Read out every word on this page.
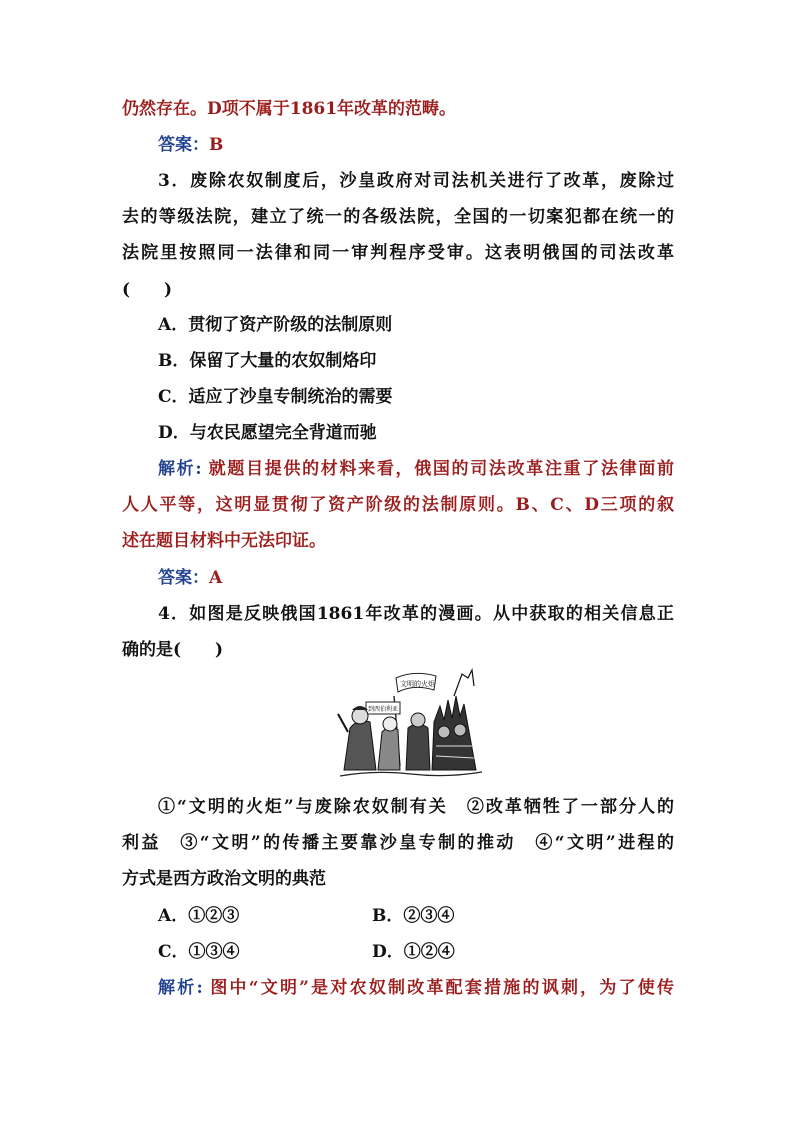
仍然存在。D项不属于1861年改革的范畴。
答案：B
3．废除农奴制度后，沙皇政府对司法机关进行了改革，废除过
去的等级法院，建立了统一的各级法院，全国的一切案犯都在统一的
法院里按照同一法律和同一审判程序受审。这表明俄国的司法改革
(　　)
A．贯彻了资产阶级的法制原则
B．保留了大量的农奴制烙印
C．适应了沙皇专制统治的需要
D．与农民愿望完全背道而驰
解析: 就题目提供的材料来看，俄国的司法改革注重了法律面前
人人平等，这明显贯彻了资产阶级的法制原则。B、C、D三项的叙
述在题目材料中无法印证。
答案：A
4．如图是反映俄国1861年改革的漫画。从中获取的相关信息正
确的是(　　)
文明的火炬
到西伯利亚
①“文明的火炬”与废除农奴制有关　②改革牺牲了一部分人的
利益　③“文明”的传播主要靠沙皇专制的推动　④“文明”进程的
方式是西方政治文明的典范
A．①②③	B．②③④
C．①③④	D．①②④
解析: 图中“文明”是对农奴制改革配套措施的讽刺，为了使传
